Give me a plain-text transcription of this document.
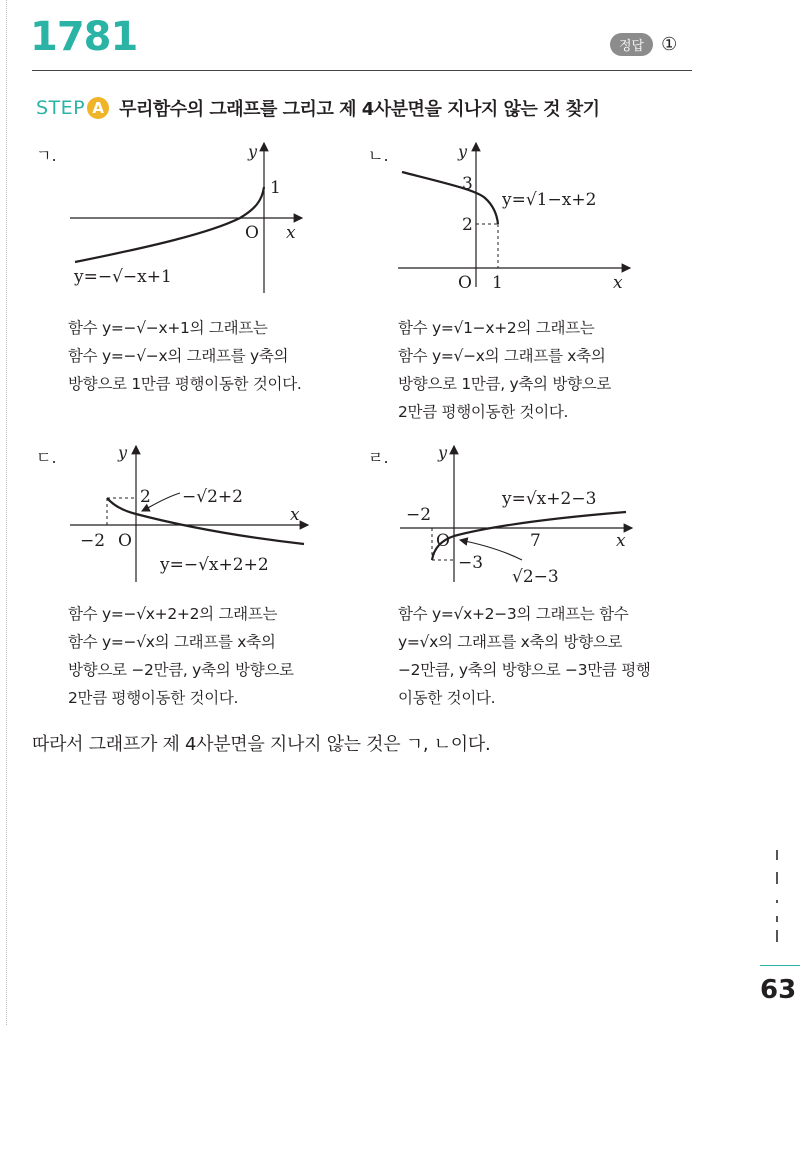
1781	정답 ①
STEP A 무리함수의 그래프를 그리고 제 4사분면을 지나지 않는 것 찾기
ㄱ.	y
x
O
1
y=−√−x+1
함수 y=−√−x+1의 그래프는
함수 y=−√−x의 그래프를 y축의
방향으로 1만큼 평행이동한 것이다.
ㄴ.	y
x
O 1
3
2
y=√1−x+2
함수 y=√1−x+2의 그래프는
함수 y=√−x의 그래프를 x축의
방향으로 1만큼, y축의 방향으로
2만큼 평행이동한 것이다.
ㄷ.	y
x
O
−2
2 −√2+2
y=−√x+2+2
함수 y=−√x+2+2의 그래프는
함수 y=−√x의 그래프를 x축의
방향으로 −2만큼, y축의 방향으로
2만큼 평행이동한 것이다.
ㄹ.	y
x
O
−2
7
−3
y=√x+2−3
√2−3
함수 y=√x+2−3의 그래프는 함수
y=√x의 그래프를 x축의 방향으로
−2만큼, y축의 방향으로 −3만큼 평행
이동한 것이다.
따라서 그래프가 제 4사분면을 지나지 않는 것은 ㄱ, ㄴ이다.
63
